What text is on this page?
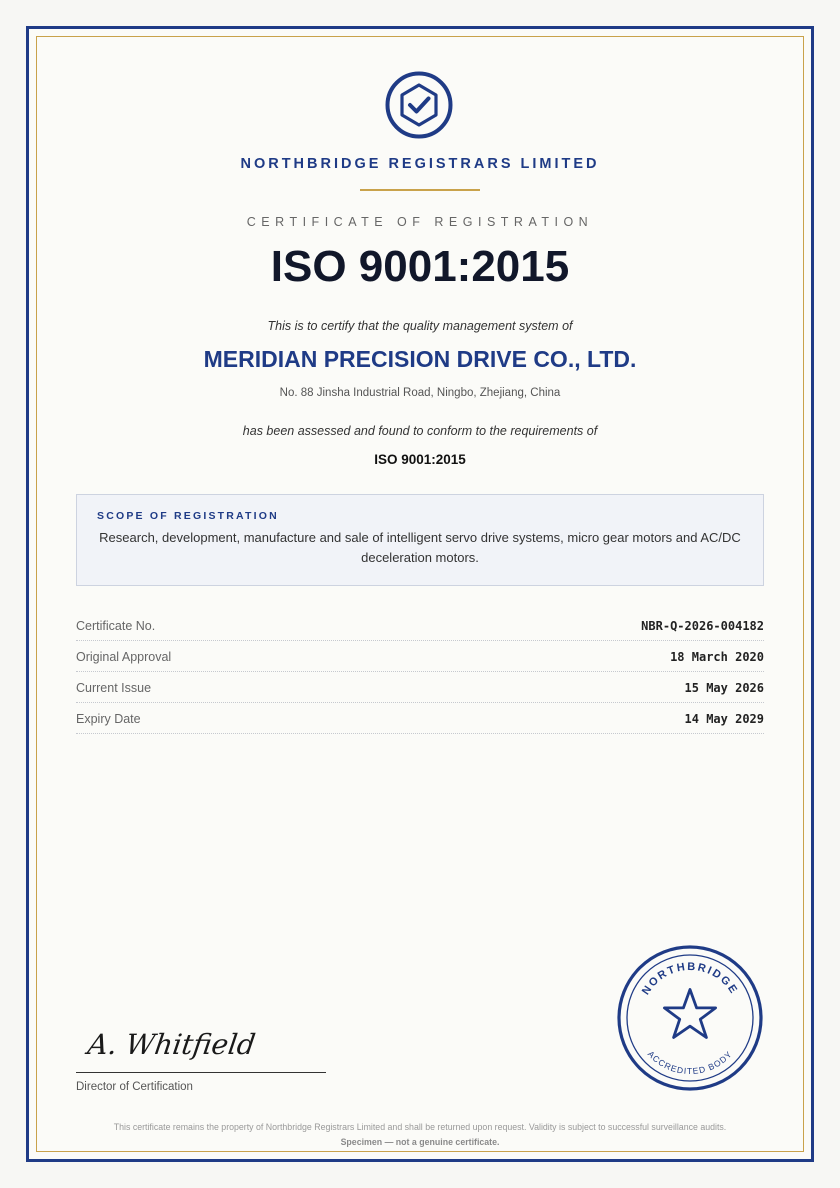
NORTHBRIDGE REGISTRARS LIMITED
CERTIFICATE OF REGISTRATION
ISO 9001:2015
This is to certify that the quality management system of
MERIDIAN PRECISION DRIVE CO., LTD.
No. 88 Jinsha Industrial Road, Ningbo, Zhejiang, China
has been assessed and found to conform to the requirements of
ISO 9001:2015
SCOPE OF REGISTRATION
Research, development, manufacture and sale of intelligent servo drive systems, micro gear motors and AC/DC deceleration motors.
Certificate No.	NBR-Q-2026-004182
Original Approval	18 March 2020
Current Issue	15 May 2026
Expiry Date	14 May 2029
A. Whitfield
Director of Certification
NORTHBRIDGE
ACCREDITED BODY
This certificate remains the property of Northbridge Registrars Limited and shall be returned upon request. Validity is subject to successful surveillance audits.
Specimen — not a genuine certificate.
